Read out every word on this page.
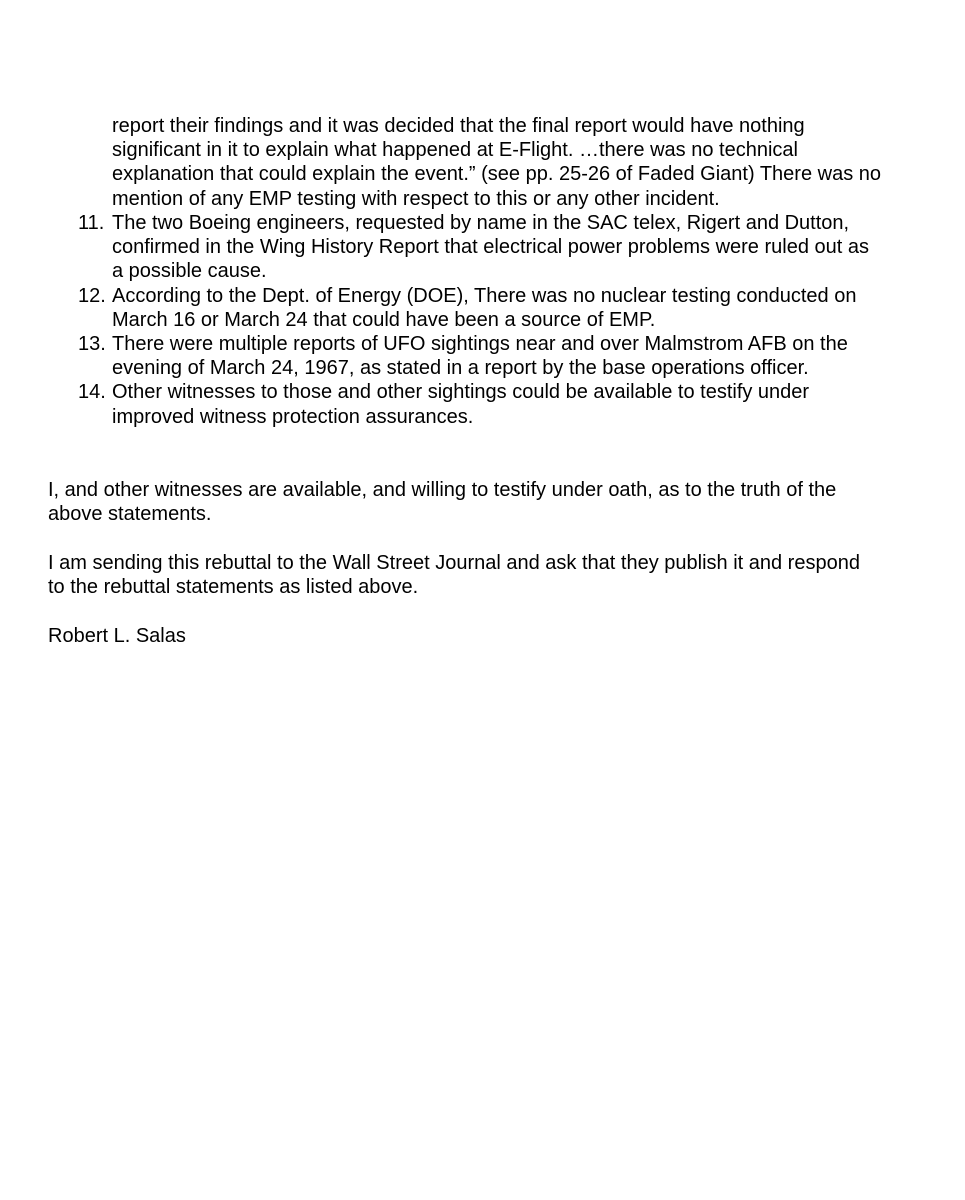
report their findings and it was decided that the final report would have nothing significant in it to explain what happened at E-Flight. …there was no technical explanation that could explain the event.” (see pp. 25-26 of Faded Giant) There was no mention of any EMP testing with respect to this or any other incident.

11. The two Boeing engineers, requested by name in the SAC telex, Rigert and Dutton, confirmed in the Wing History Report that electrical power problems were ruled out as a possible cause.
12. According to the Dept. of Energy (DOE), There was no nuclear testing conducted on March 16 or March 24 that could have been a source of EMP.
13. There were multiple reports of UFO sightings near and over Malmstrom AFB on the evening of March 24, 1967, as stated in a report by the base operations officer.
14. Other witnesses to those and other sightings could be available to testify under improved witness protection assurances.

I, and other witnesses are available, and willing to testify under oath, as to the truth of the above statements.

I am sending this rebuttal to the Wall Street Journal and ask that they publish it and respond to the rebuttal statements as listed above.

Robert L. Salas
